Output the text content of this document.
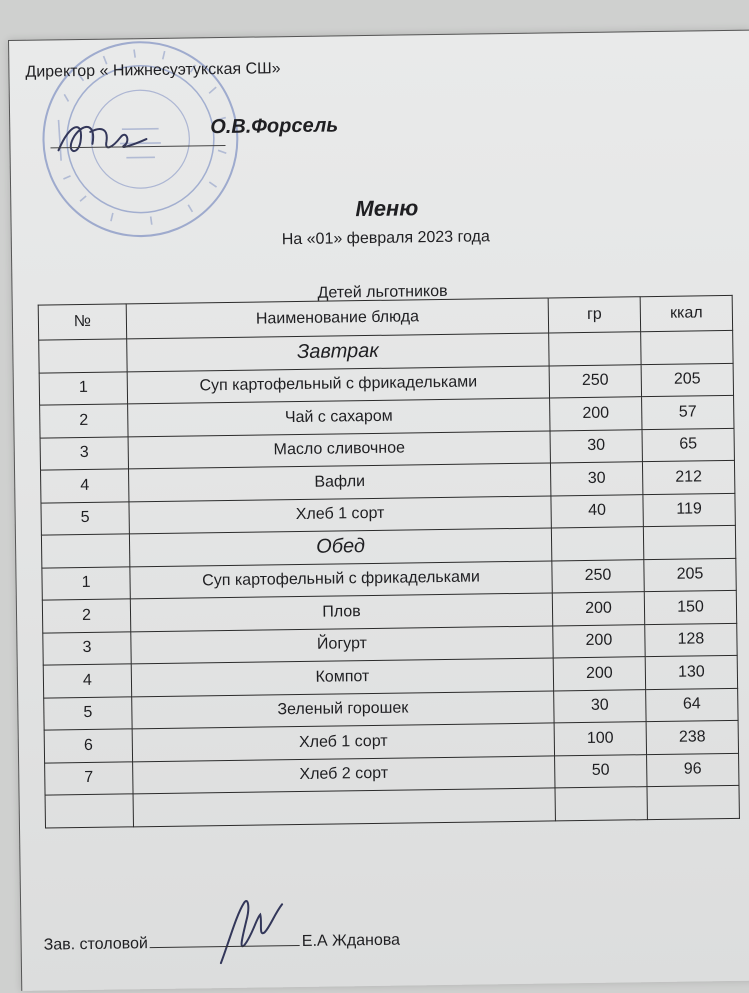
Директор « Нижнесуэтукская СШ»
О.В.Форсель
Меню
На «01» февраля 2023 года
Детей льготников
№	Наименование блюда	гр	ккал
	Завтрак		
1	Суп картофельный с фрикадельками	250	205
2	Чай с сахаром	200	57
3	Масло сливочное	30	65
4	Вафли	30	212
5	Хлеб 1 сорт	40	119
	Обед		
1	Суп картофельный с фрикадельками	250	205
2	Плов	200	150
3	Йогурт	200	128
4	Компот	200	130
5	Зеленый горошек	30	64
6	Хлеб 1 сорт	100	238
7	Хлеб 2 сорт	50	96

Зав. столовой	Е.А Жданова
